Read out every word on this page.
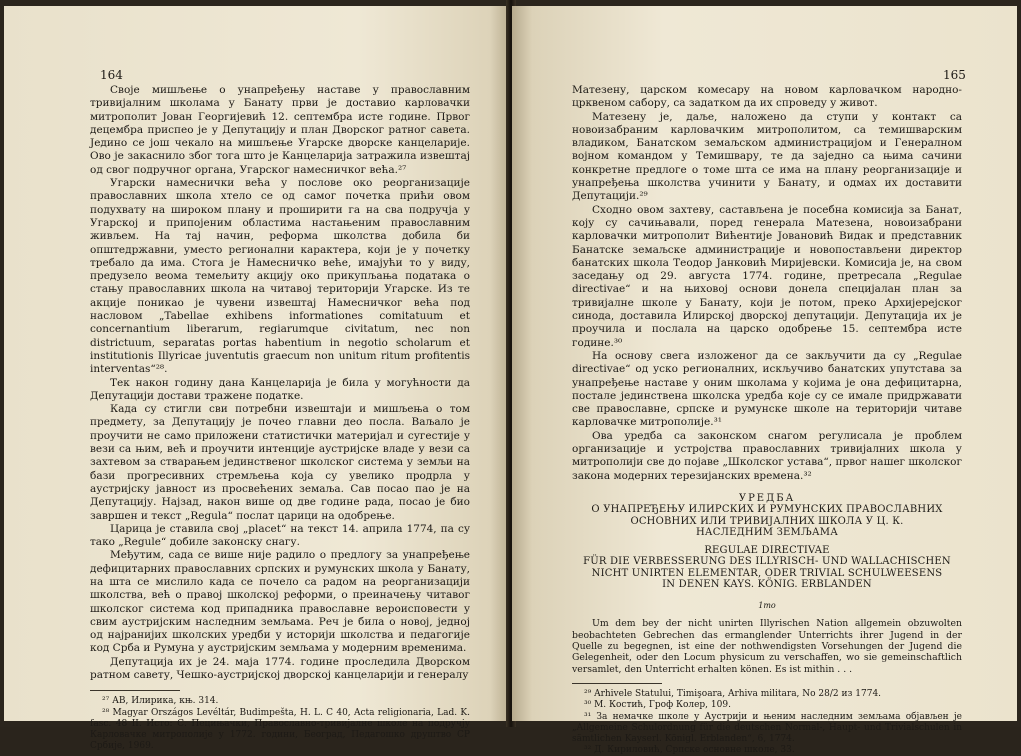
164

Своје мишљење о унапређењу наставе у православним тривијалним школама у Банату први је доставио карловачки митрополит Јован Георгијевић 12. септембра исте године. Првог децембра приспео је у Депутацију и план Дворског ратног савета. Једино се још чекало на мишљење Угарске дворске канцеларије. Ово је закаснило због тога што је Канцеларија затражила извештај од свог подручног органа, Угарског намесничког већа.²⁷

Угарски намеснички већа у послове око реорганизације православних школа хтело се од самог почетка прићи овом подухвату на широком плану и проширити га на сва подручја у Угарској и припојеним областима настањеним православним живљем. На тај начин, реформа школства добила би општедржавни, уместо регионални карактера, који је у почетку требало да има. Стога је Намесничко веће, имајући то у виду, предузело веома темељиту акцију око прикупљања података о стању православних школа на читавој територији Угарске. Из те акције поникао је чувени извештај Намесничког већа под насловом „Tabellae exhibens informationes comitatuum et concernantium liberarum, regiarumque civitatum, nec non districtuum, separatas portas habentium in negotio scholarum et institutionis Illyricae juventutis graecum non unitum ritum profitentis interventas“²⁸.

Тек након годину дана Канцеларија је била у могућности да Депутацији достави тражене податке.

Када су стигли сви потребни извештаји и мишљења о том предмету, за Депутацију је почео главни део посла. Ваљало је проучити не само приложени статистички материјал и сугестије у вези са њим, већ и проучити интенције аустријске владе у вези са захтевом за стварањем јединственог школског система у земљи на бази прогресивних стремљења која су увелико продрла у аустријску јавност из просвећених земаља. Сав посао пао је на Депутацију. Најзад, након више од две године рада, посао је био завршен и текст „Regula“ послат царици на одобрење.

Царица је ставила свој „placet“ на текст 14. априла 1774, па су тако „Regule“ добиле законску снагу.

Међутим, сада се више није радило о предлогу за унапређење дефицитарних православних српских и румунских школа у Банату, на шта се мислило када се почело са радом на реорганизацији школства, већ о правој школској реформи, о преиначењу читавог школског система код припадника православне вероисповести у свим аустријским наследним земљама. Реч је била о новој, једној од најранијих школских уредби у историји школства и педагогије код Срба и Румуна у аустријским земљама у модерним временима.

Депутација их је 24. маја 1774. године проследила Дворском ратном савету, Чешко-аустријској дворској канцеларији и генералу

²⁷ АВ, Илирика, књ. 314.

²⁸ Magyar Országos Levéltár, Budimpešta, H. L. C 40, Acta religionaria, Lad. K. fasc. 48 II. Исто: С. Пецињачки, Православно-тривијалне школе на подручју Карловачке митрополије у 1772. години, Београд, Педагошко друштво СР Србије, 1969.

165

Матезену, царском комесару на новом карловачком народно-црквеном сабору, са задатком да их спроведу у живот.

Матезену је, даље, наложено да ступи у контакт са новоизабраним карловачким митрополитом, са темишварским владиком, Банатском земаљском администрацијом и Генералном војном командом у Темишвару, те да заједно са њима сачини конкретне предлоге о томе шта се има на плану реорганизације и унапређења школства учинити у Банату, и одмах их доставити Депутацији.²⁹

Сходно овом захтеву, састављена је посебна комисија за Банат, коју су сачињавали, поред генерала Матезена, новоизабрани карловачки митрополит Вићентије Јовановић Видак и представник Банатске земаљске администрације и новопостављени директор банатских школа Теодор Јанковић Миријевски. Комисија је, на свом заседању од 29. августа 1774. године, претресала „Regulae directivae“ и на њиховој основи донела специјалан план за тривијалне школе у Банату, који је потом, преко Архијерејског синода, доставила Илирској дворској депутацији. Депутација их је проучила и послала на царско одобрење 15. септембра исте године.³⁰

На основу свега изложеног да се закључити да су „Regulae directivae“ од уско регионалних, искључиво банатских упутстава за унапређење наставе у оним школама у којима је она дефицитарна, постале јединствена школска уредба које су се имале придржавати све православне, српске и румунске школе на територији читаве карловачке митрополије.³¹

Ова уредба са законском снагом регулисала је проблем организације и устројства православних тривијалних школа у митрополији све до појаве „Школског устава“, првог нашег школског закона модерних терезијанских времена.³²

УРЕДБА
О УНАПРЕЂЕЊУ ИЛИРСКИХ И РУМУНСКИХ ПРАВОСЛАВНИХ
ОСНОВНИХ ИЛИ ТРИВИЈАЛНИХ ШКОЛА У Ц. К.
НАСЛЕДНИМ ЗЕМЉАМА
REGULAE DIRECTIVAE
FÜR DIE VERBESSERUNG DES ILLYRISCH- UND WALLACHISCHEN
NICHT UNIRTEN ELEMENTAR, ODER TRIVIAL SCHULWEESENS
IN DENEN KAYS. KÖNIG. ERBLANDEN
1mo

Um dem bey der nicht unirten Illyrischen Nation allgemein obzuwolten beobachteten Gebrechen das ermanglender Unterrichts ihrer Jugend in der Quelle zu begegnen, ist eine der nothwendigsten Vorsehungen der Jugend die Gelegenheit, oder den Locum physicum zu verschaffen, wo sie gemeinschaftlich versamlet, den Unterricht erhalten könen. Es ist mithin . . .

²⁹ Arhivele Statului, Timişoara, Arhiva militara, No 28/2 из 1774.

³⁰ М. Костић, Гроф Колер, 109.

³¹ За немачке школе у Аустрији и њеним наследним земљама објављен је „Allgemeine Schulordnung für die deutschen Normal-, Haupt- und Trivialschulen in sämtlichen Kayserl. Königl. Erblanden“, 6, 1774.

³² Д. Кириловић, Српске основне школе, 33.
